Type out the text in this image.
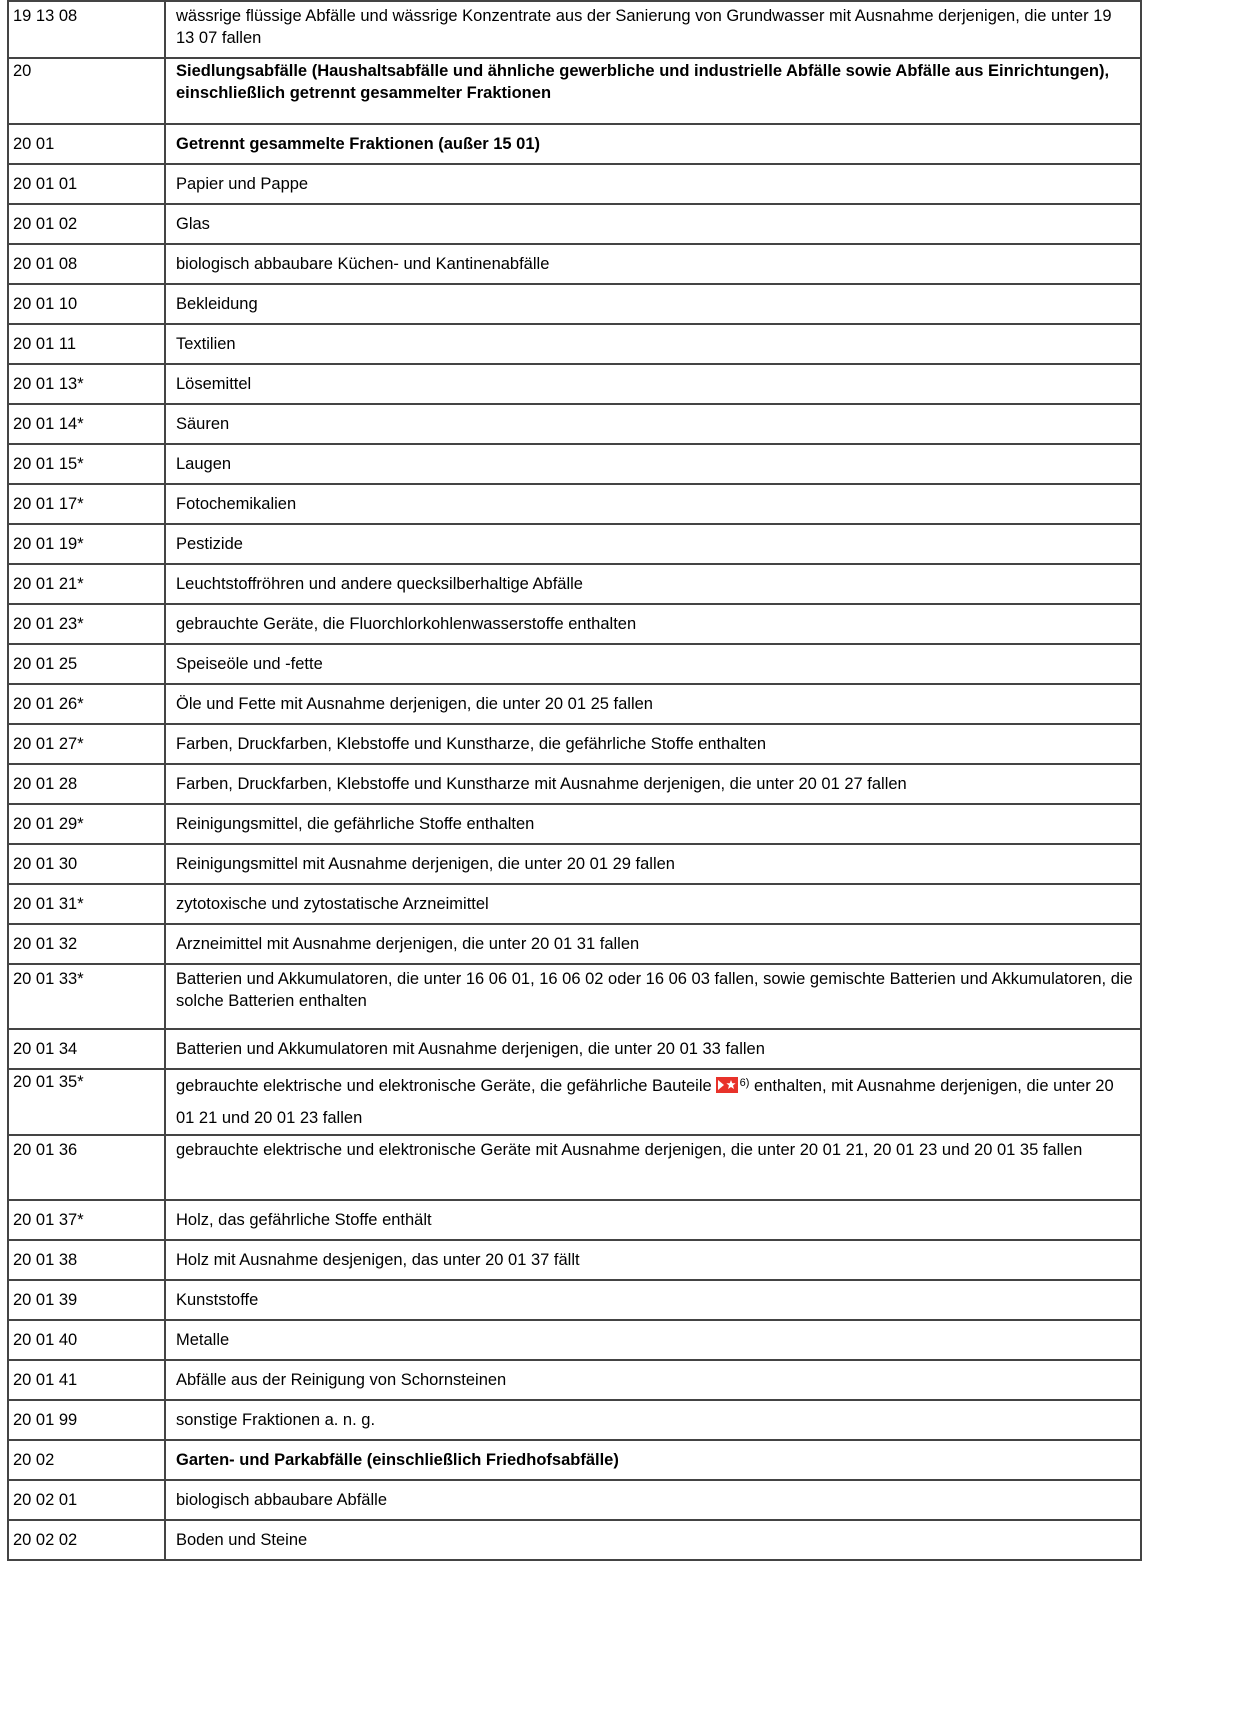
19 13 08	wässrige flüssige Abfälle und wässrige Konzentrate aus der Sanierung von Grundwasser mit Ausnahme derjenigen, die unter 19 13 07 fallen
20	Siedlungsabfälle (Haushaltsabfälle und ähnliche gewerbliche und industrielle Abfälle sowie Abfälle aus Einrichtungen), einschließlich getrennt gesammelter Fraktionen
20 01	Getrennt gesammelte Fraktionen (außer 15 01)
20 01 01	Papier und Pappe
20 01 02	Glas
20 01 08	biologisch abbaubare Küchen- und Kantinenabfälle
20 01 10	Bekleidung
20 01 11	Textilien
20 01 13*	Lösemittel
20 01 14*	Säuren
20 01 15*	Laugen
20 01 17*	Fotochemikalien
20 01 19*	Pestizide
20 01 21*	Leuchtstoffröhren und andere quecksilberhaltige Abfälle
20 01 23*	gebrauchte Geräte, die Fluorchlorkohlenwasserstoffe enthalten
20 01 25	Speiseöle und -fette
20 01 26*	Öle und Fette mit Ausnahme derjenigen, die unter 20 01 25 fallen
20 01 27*	Farben, Druckfarben, Klebstoffe und Kunstharze, die gefährliche Stoffe enthalten
20 01 28	Farben, Druckfarben, Klebstoffe und Kunstharze mit Ausnahme derjenigen, die unter 20 01 27 fallen
20 01 29*	Reinigungsmittel, die gefährliche Stoffe enthalten
20 01 30	Reinigungsmittel mit Ausnahme derjenigen, die unter 20 01 29 fallen
20 01 31*	zytotoxische und zytostatische Arzneimittel
20 01 32	Arzneimittel mit Ausnahme derjenigen, die unter 20 01 31 fallen
20 01 33*	Batterien und Akkumulatoren, die unter 16 06 01, 16 06 02 oder 16 06 03 fallen, sowie gemischte Batterien und Akkumulatoren, die solche Batterien enthalten
20 01 34	Batterien und Akkumulatoren mit Ausnahme derjenigen, die unter 20 01 33 fallen
20 01 35*	gebrauchte elektrische und elektronische Geräte, die gefährliche Bauteile $^{6)}$ enthalten, mit Ausnahme derjenigen, die unter 20 01 21 und 20 01 23 fallen
20 01 36	gebrauchte elektrische und elektronische Geräte mit Ausnahme derjenigen, die unter 20 01 21, 20 01 23 und 20 01 35 fallen
20 01 37*	Holz, das gefährliche Stoffe enthält
20 01 38	Holz mit Ausnahme desjenigen, das unter 20 01 37 fällt
20 01 39	Kunststoffe
20 01 40	Metalle
20 01 41	Abfälle aus der Reinigung von Schornsteinen
20 01 99	sonstige Fraktionen a. n. g.
20 02	Garten- und Parkabfälle (einschließlich Friedhofsabfälle)
20 02 01	biologisch abbaubare Abfälle
20 02 02	Boden und Steine
